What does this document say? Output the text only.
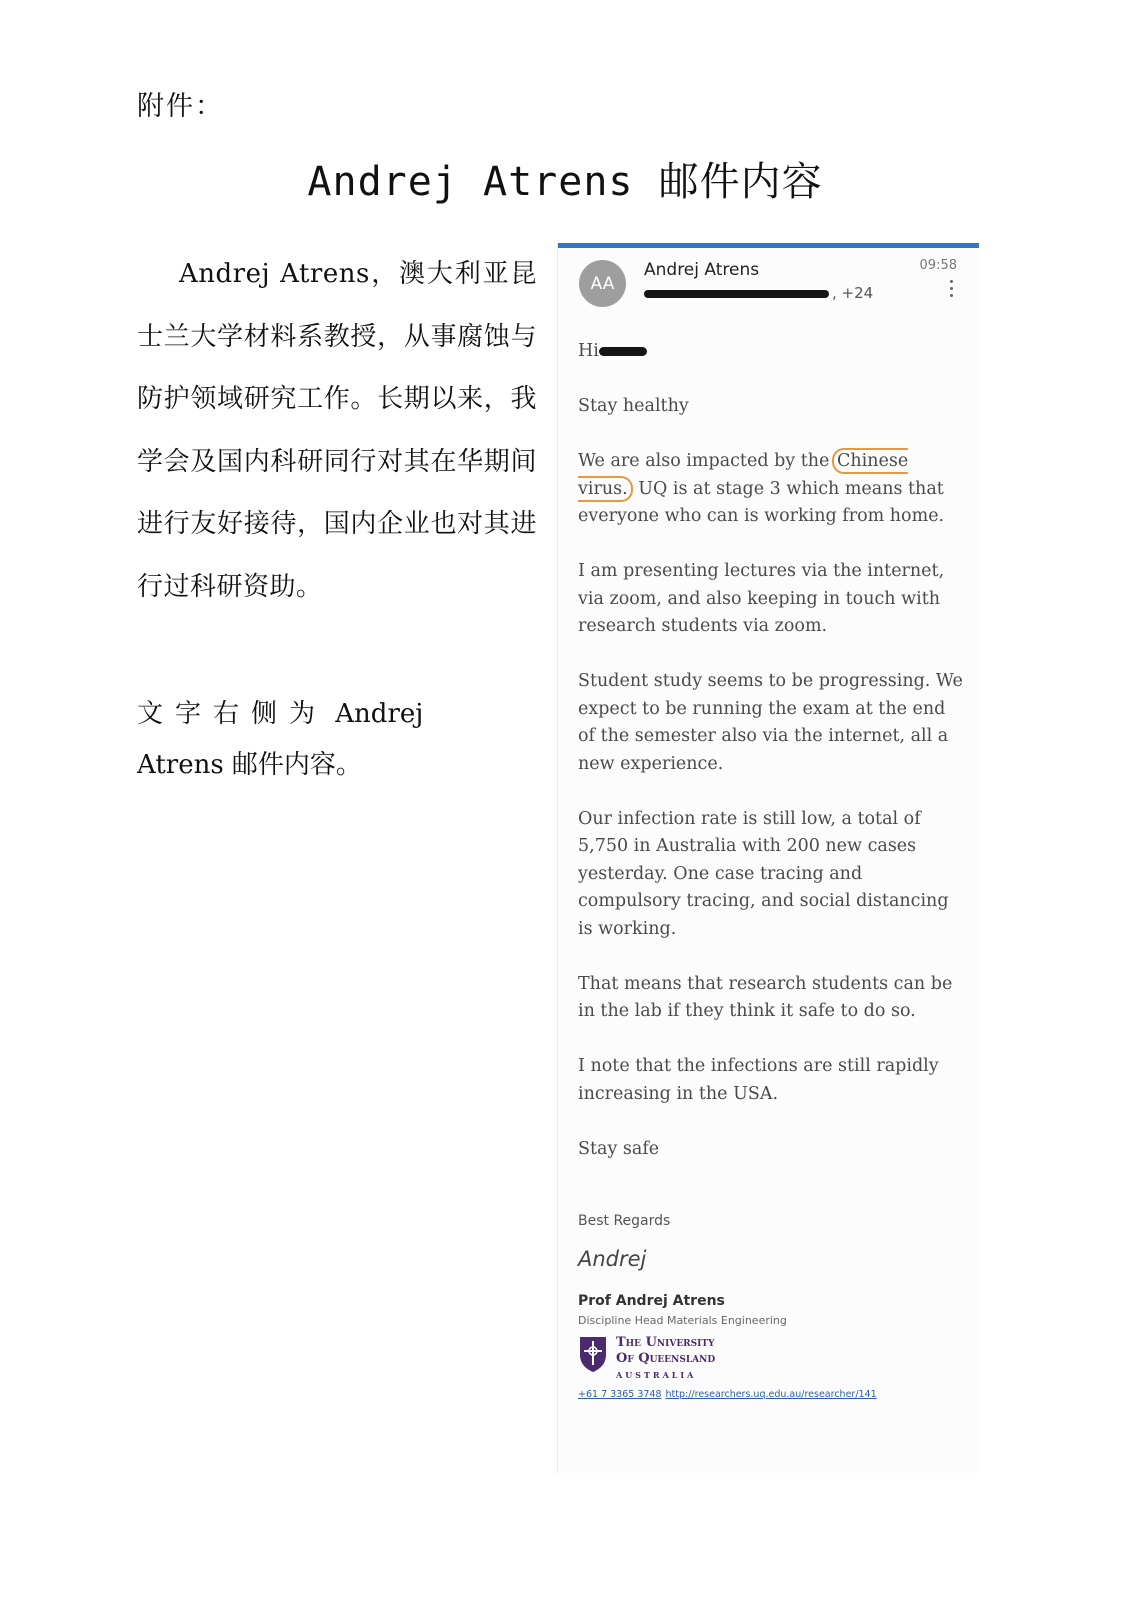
附件：
Andrej Atrens 邮件内容

Andrej Atrens，澳大利亚昆士兰大学材料系教授，从事腐蚀与防护领域研究工作。长期以来，我学会及国内科研同行对其在华期间进行友好接待，国内企业也对其进行过科研资助。

文字右侧为 Andrej Atrens 邮件内容。

AA
Andrej Atrens
, +24
09:58

Hi

Stay healthy

We are also impacted by the Chinese virus. UQ is at stage 3 which means that everyone who can is working from home.

I am presenting lectures via the internet, via zoom, and also keeping in touch with research students via zoom.

Student study seems to be progressing. We expect to be running the exam at the end of the semester also via the internet, all a new experience.

Our infection rate is still low, a total of 5,750 in Australia with 200 new cases yesterday. One case tracing and compulsory tracing, and social distancing is working.

That means that research students can be in the lab if they think it safe to do so.

I note that the infections are still rapidly increasing in the USA.

Stay safe

Best Regards
Andrej
Prof Andrej Atrens
Discipline Head Materials Engineering
The University
Of Queensland
AUSTRALIA
+61 7 3365 3748 http://researchers.uq.edu.au/researcher/141
